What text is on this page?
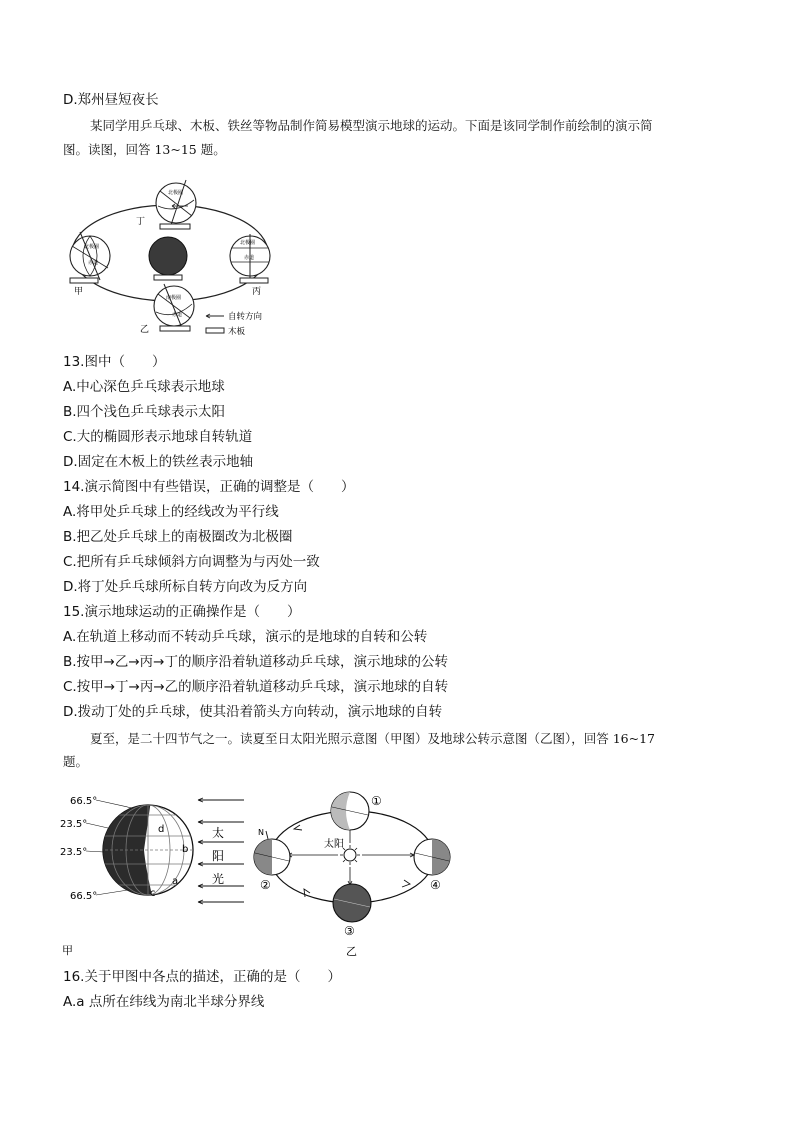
D.郑州昼短夜长
某同学用乒乓球、木板、铁丝等物品制作简易模型演示地球的运动。下面是该同学制作前绘制的演示简
图。读图，回答 13~15 题。
北极圈
丁
北极圈
赤道
甲
北极圈
赤道
丙
南极圈
赤道
乙
自转方向
木板
13.图中（　　）
A.中心深色乒乓球表示地球
B.四个浅色乒乓球表示太阳
C.大的椭圆形表示地球自转轨道
D.固定在木板上的铁丝表示地轴
14.演示简图中有些错误，正确的调整是（　　）
A.将甲处乒乓球上的经线改为平行线
B.把乙处乒乓球上的南极圈改为北极圈
C.把所有乒乓球倾斜方向调整为与丙处一致
D.将丁处乒乓球所标自转方向改为反方向
15.演示地球运动的正确操作是（　　）
A.在轨道上移动而不转动乒乓球，演示的是地球的自转和公转
B.按甲→乙→丙→丁的顺序沿着轨道移动乒乓球，演示地球的公转
C.按甲→丁→丙→乙的顺序沿着轨道移动乒乓球，演示地球的自转
D.拨动丁处的乒乓球，使其沿着箭头方向转动，演示地球的自转
夏至，是二十四节气之一。读夏至日太阳光照示意图（甲图）及地球公转示意图（乙图），回答 16~17
题。
66.5°
23.5°
23.5°
66.5°
d
b
a
c
太
阳
光
甲
太阳
①
N
②
③
④
乙
16.关于甲图中各点的描述，正确的是（　　）
A.a 点所在纬线为南北半球分界线
